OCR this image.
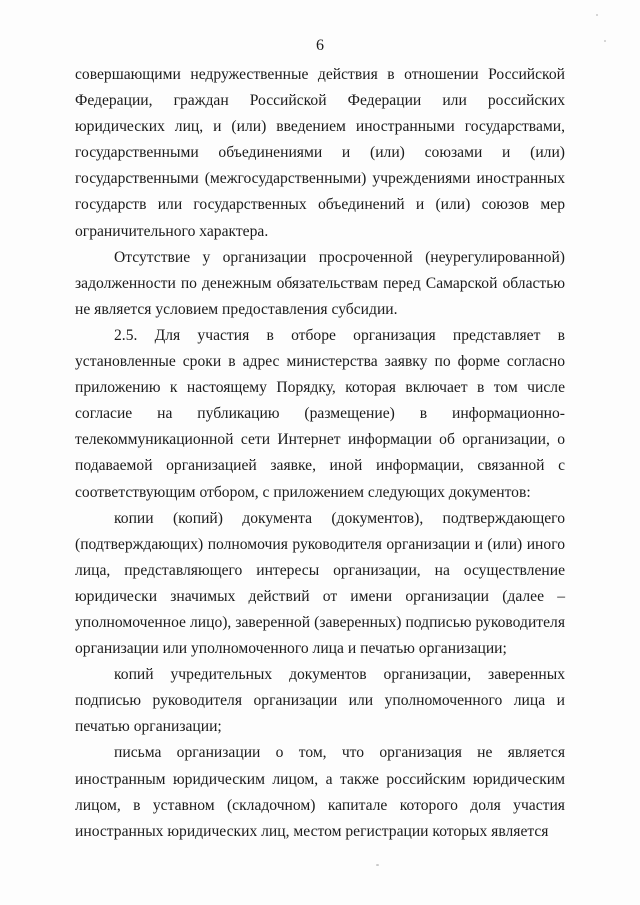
6

совершающими недружественные действия в отношении Российской Федерации, граждан Российской Федерации или российских юридических лиц, и (или) введением иностранными государствами, государственными объединениями и (или) союзами и (или) государственными (межгосударственными) учреждениями иностранных государств или государственных объединений и (или) союзов мер ограничительного характера.

Отсутствие у организации просроченной (неурегулированной) задолженности по денежным обязательствам перед Самарской областью не является условием предоставления субсидии.

2.5. Для участия в отборе организация представляет в установленные сроки в адрес министерства заявку по форме согласно приложению к настоящему Порядку, которая включает в том числе согласие на публикацию (размещение) в информационно-телекоммуникационной сети Интернет информации об организации, о подаваемой организацией заявке, иной информации, связанной с соответствующим отбором, с приложением следующих документов:

копии (копий) документа (документов), подтверждающего (подтверждающих) полномочия руководителя организации и (или) иного лица, представляющего интересы организации, на осуществление юридически значимых действий от имени организации (далее – уполномоченное лицо), заверенной (заверенных) подписью руководителя организации или уполномоченного лица и печатью организации;

копий учредительных документов организации, заверенных подписью руководителя организации или уполномоченного лица и печатью организации;

письма организации о том, что организация не является иностранным юридическим лицом, а также российским юридическим лицом, в уставном (складочном) капитале которого доля участия иностранных юридических лиц, местом регистрации которых является
